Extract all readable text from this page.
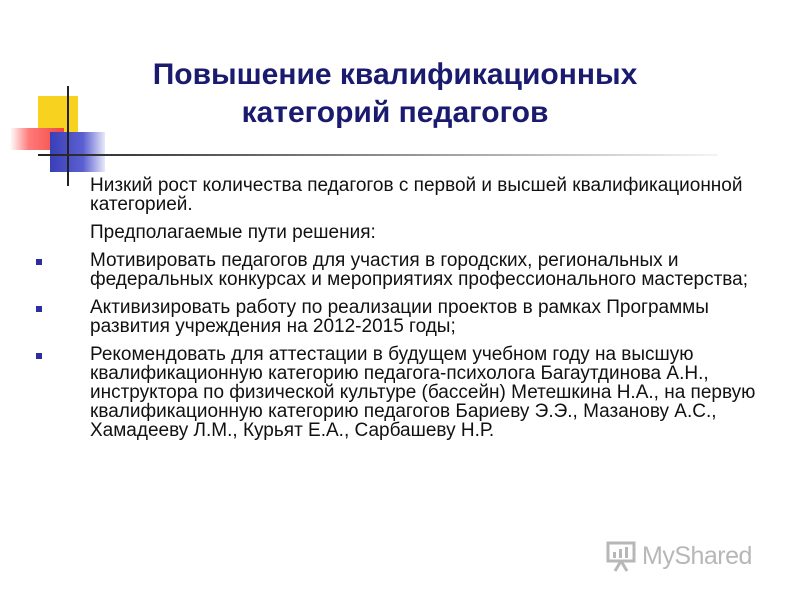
Повышение квалификационных категорий педагогов

Низкий рост количества педагогов с первой и высшей квалификационной категорией.

Предполагаемые пути решения:

Мотивировать педагогов для участия в городских, региональных и федеральных конкурсах и мероприятиях профессионального мастерства;
Активизировать работу по реализации проектов в рамках Программы развития учреждения на 2012-2015 годы;
Рекомендовать для аттестации в будущем учебном году на высшую квалификационную категорию педагога-психолога Багаутдинова А.Н., инструктора по физической культуре (бассейн) Метешкина Н.А., на первую квалификационную категорию педагогов Бариеву Э.Э., Мазанову А.С., Хамадееву Л.М., Курьят Е.А., Сарбашеву Н.Р.
MyShared
